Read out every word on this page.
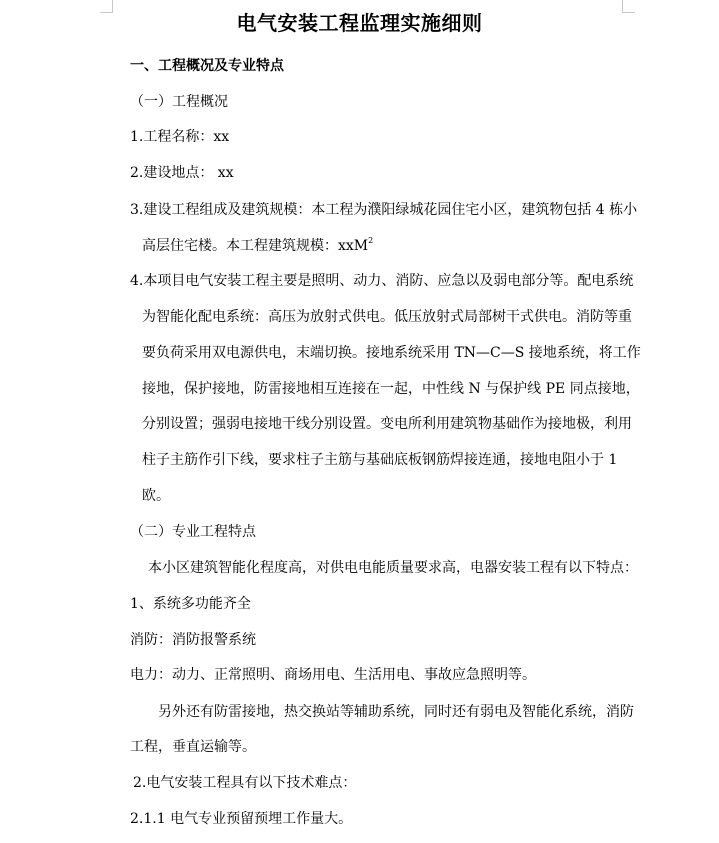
电气安装工程监理实施细则
一、工程概况及专业特点
（一）工程概况
1.工程名称：xx
2.建设地点： xx
3.建设工程组成及建筑规模：本工程为濮阳绿城花园住宅小区，建筑物包括 4 栋小
高层住宅楼。本工程建筑规模：xxM$^2$
4.本项目电气安装工程主要是照明、动力、消防、应急以及弱电部分等。配电系统
为智能化配电系统：高压为放射式供电。低压放射式局部树干式供电。消防等重
要负荷采用双电源供电，末端切换。接地系统采用 TN—C—S 接地系统，将工作
接地，保护接地，防雷接地相互连接在一起，中性线 N 与保护线 PE 同点接地，
分别设置；强弱电接地干线分别设置。变电所利用建筑物基础作为接地极，利用
柱子主筋作引下线，要求柱子主筋与基础底板钢筋焊接连通，接地电阻小于 1
欧。
（二）专业工程特点
本小区建筑智能化程度高，对供电电能质量要求高，电器安装工程有以下特点：
1、系统多功能齐全
消防：消防报警系统
电力：动力、正常照明、商场用电、生活用电、事故应急照明等。
另外还有防雷接地，热交换站等辅助系统，同时还有弱电及智能化系统，消防
工程，垂直运输等。
2.电气安装工程具有以下技术难点：
2.1.1 电气专业预留预埋工作量大。
